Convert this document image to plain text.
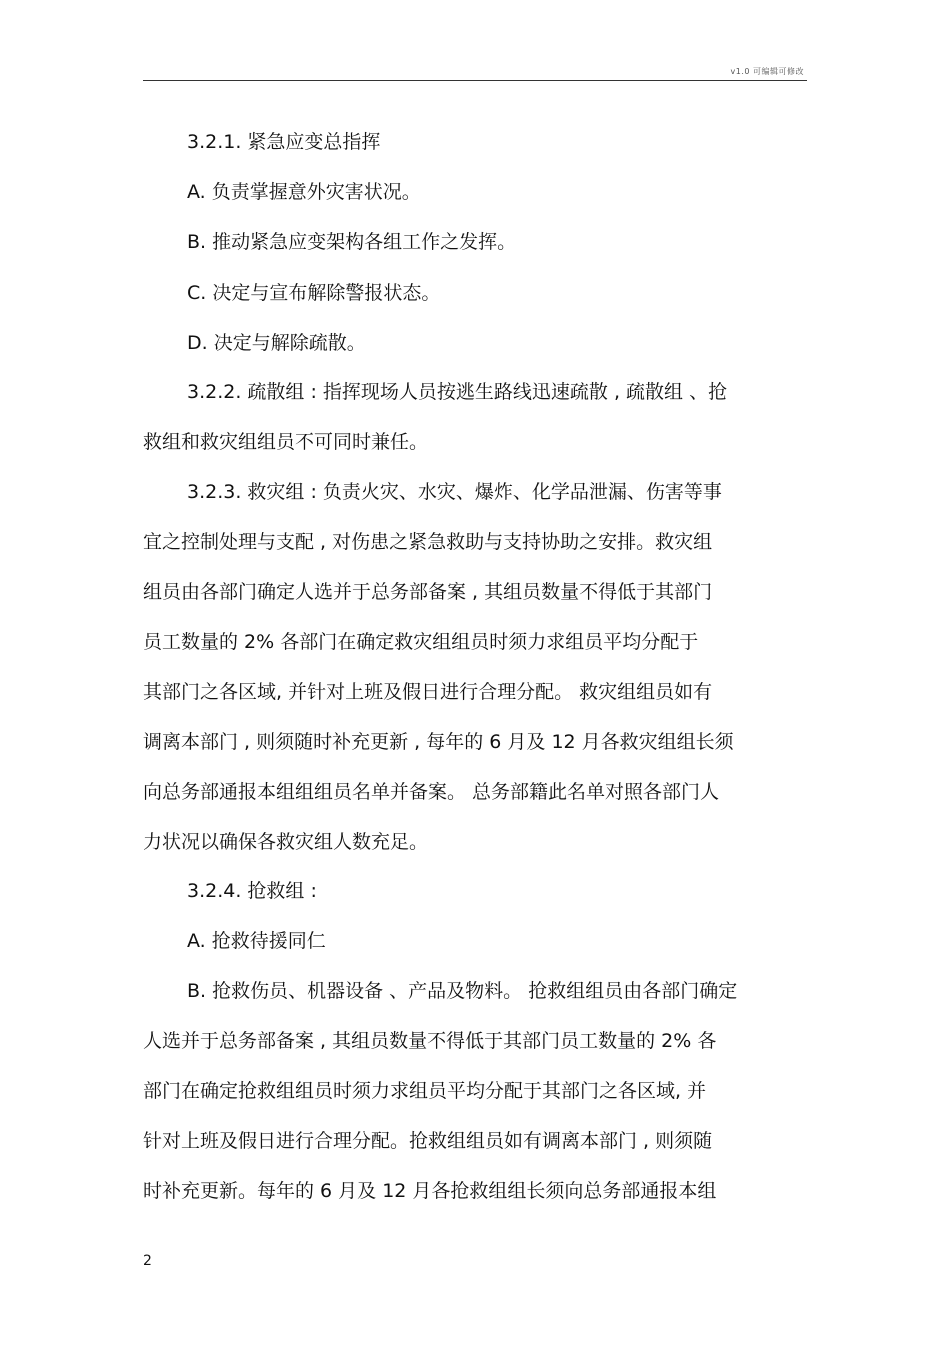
v1.0 可编辑可修改
3.2.1. 紧急应变总指挥
A. 负责掌握意外灾害状况。
B. 推动紧急应变架构各组工作之发挥。
C. 决定与宣布解除警报状态。
D. 决定与解除疏散。
3.2.2. 疏散组 : 指挥现场人员按逃生路线迅速疏散 , 疏散组 、抢
救组和救灾组组员不可同时兼任。
3.2.3. 救灾组 : 负责火灾、水灾、爆炸、化学品泄漏、伤害等事
宜之控制处理与支配 , 对伤患之紧急救助与支持协助之安排。救灾组
组员由各部门确定人选并于总务部备案 , 其组员数量不得低于其部门
员工数量的 2% 各部门在确定救灾组组员时须力求组员平均分配于
其部门之各区域, 并针对上班及假日进行合理分配。 救灾组组员如有
调离本部门 , 则须随时补充更新 , 每年的 6 月及 12 月各救灾组组长须
向总务部通报本组组组员名单并备案。 总务部籍此名单对照各部门人
力状况以确保各救灾组人数充足。
3.2.4. 抢救组 :
A. 抢救待援同仁
B. 抢救伤员、机器设备 、产品及物料。 抢救组组员由各部门确定
人选并于总务部备案 , 其组员数量不得低于其部门员工数量的 2% 各
部门在确定抢救组组员时须力求组员平均分配于其部门之各区域, 并
针对上班及假日进行合理分配。抢救组组员如有调离本部门 , 则须随
时补充更新。每年的 6 月及 12 月各抢救组组长须向总务部通报本组
2
